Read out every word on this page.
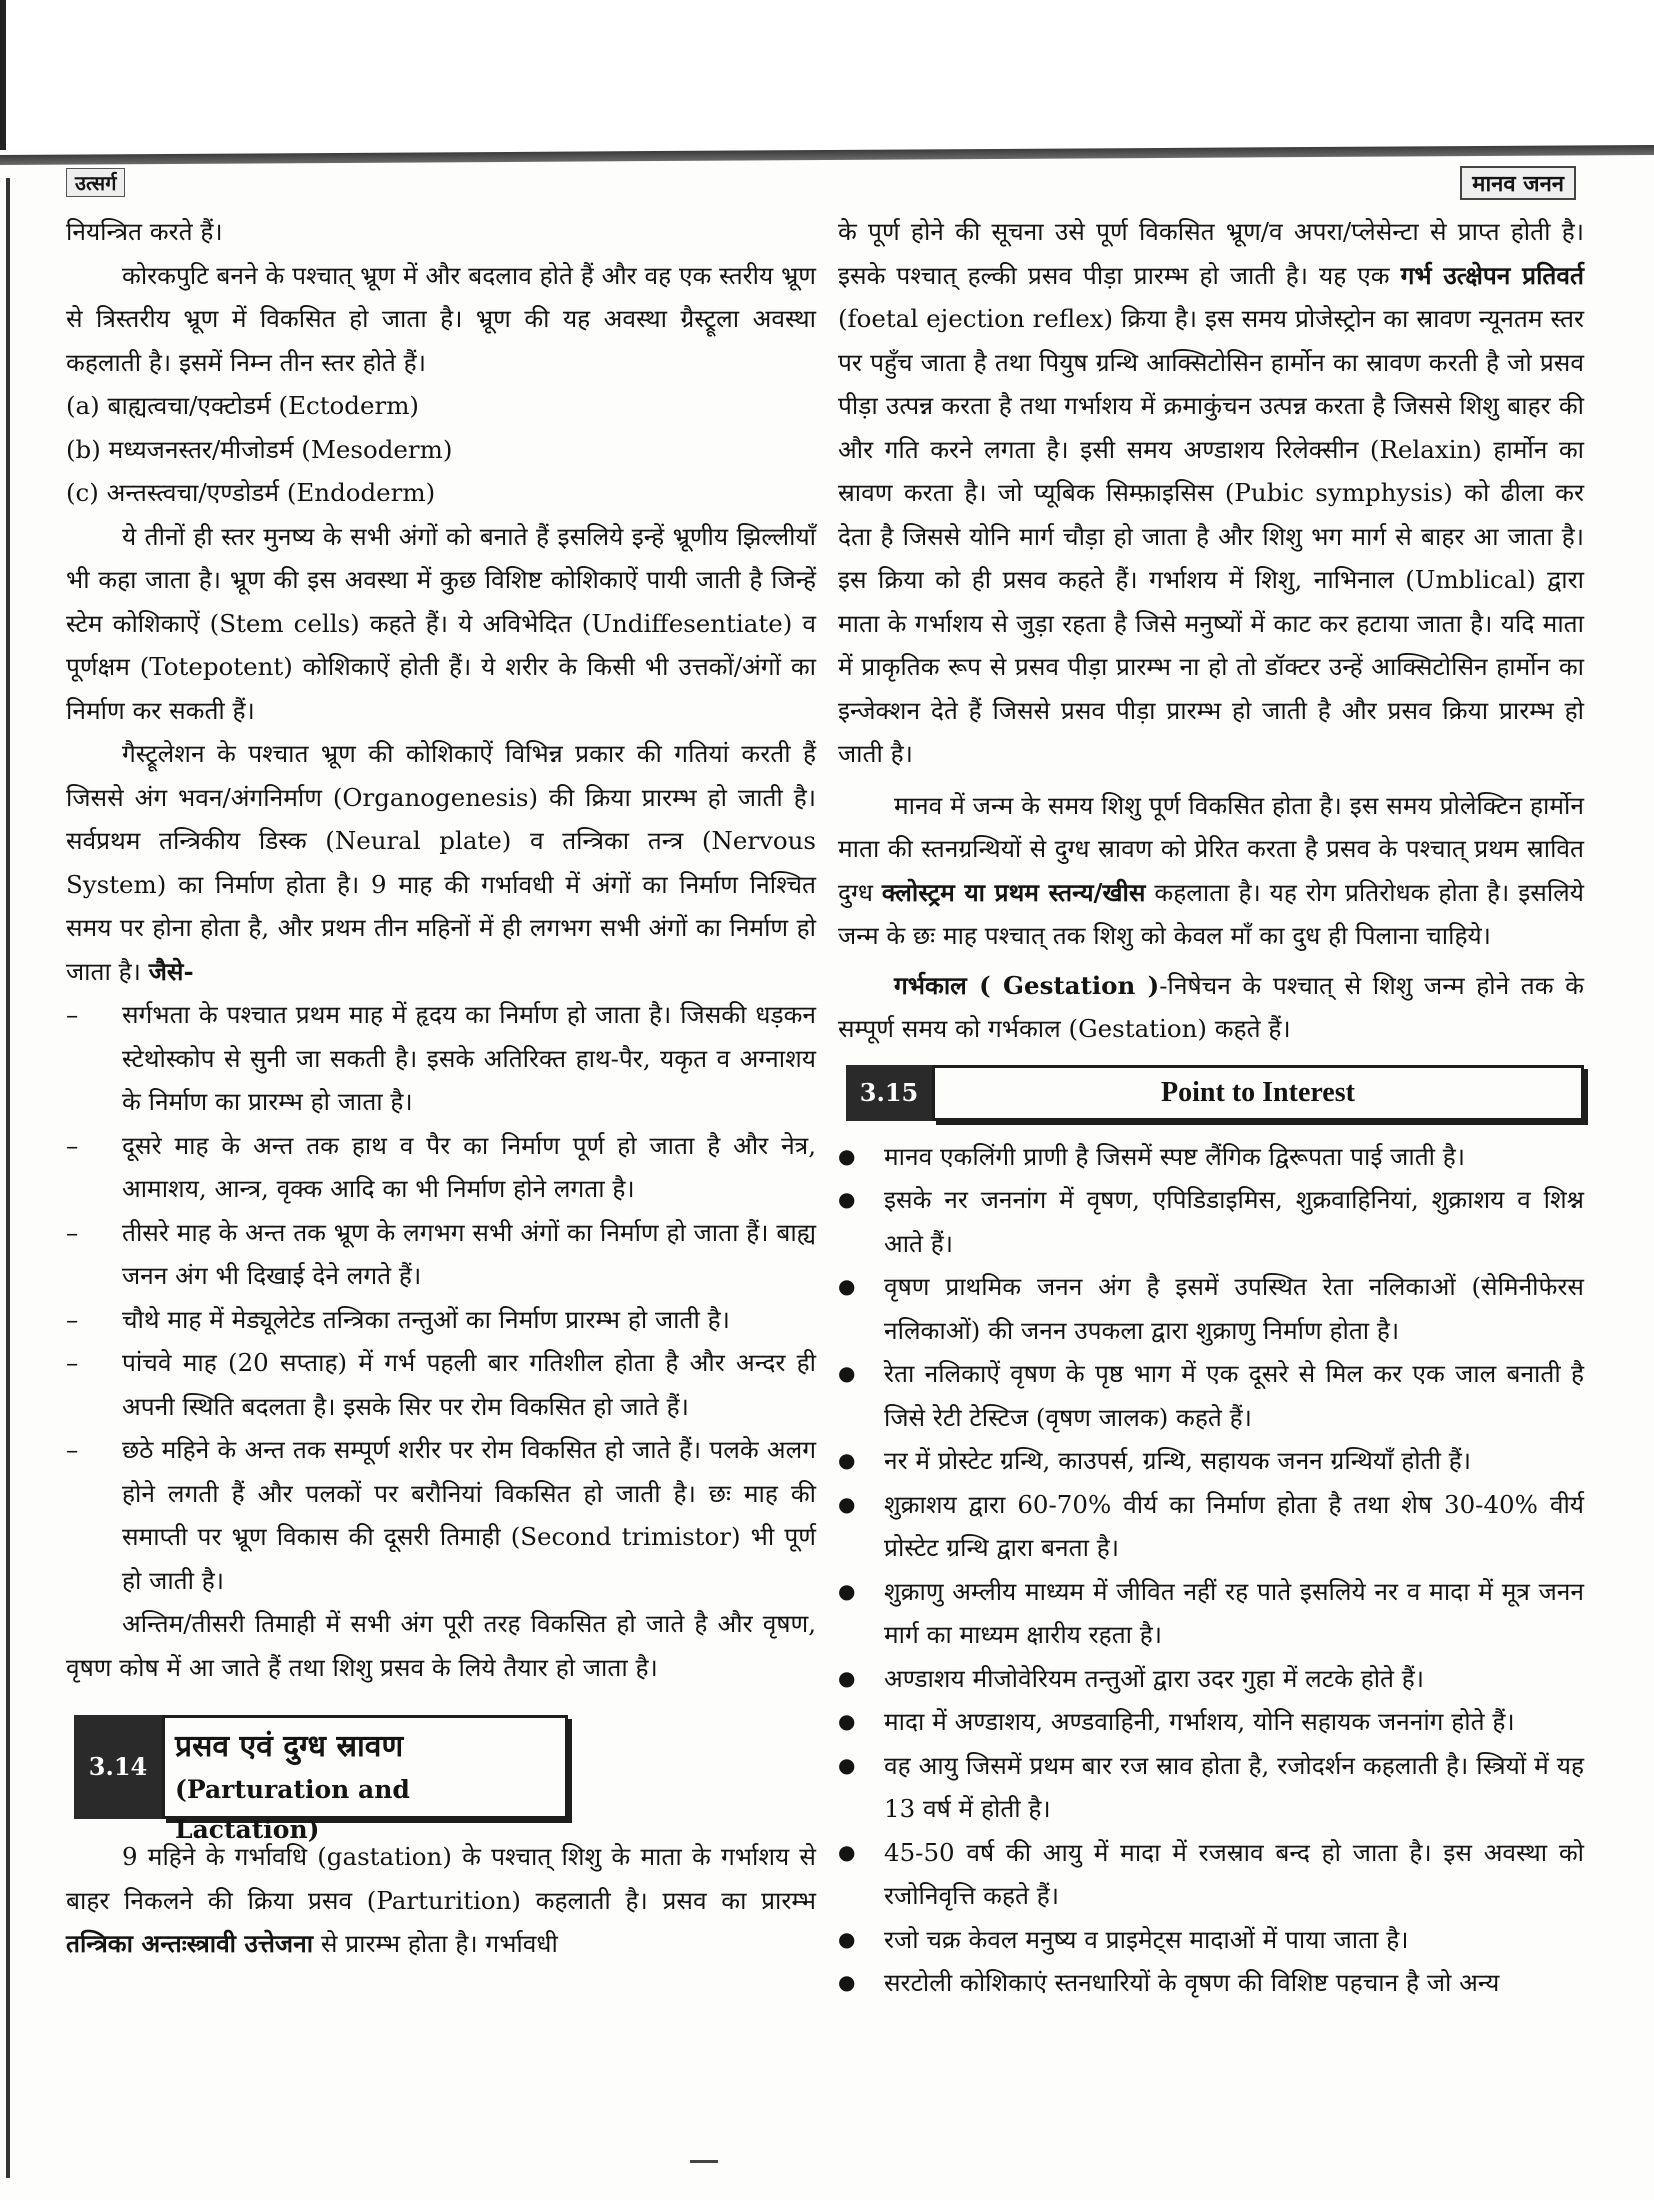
उत्सर्ग	मानव जनन

नियन्त्रित करते हैं।

कोरकपुटि बनने के पश्चात् भ्रूण में और बदलाव होते हैं और वह एक स्तरीय भ्रूण से त्रिस्तरीय भ्रूण में विकसित हो जाता है। भ्रूण की यह अवस्था ग्रैस्ट्रूला अवस्था कहलाती है। इसमें निम्न तीन स्तर होते हैं।

(a) बाह्यत्वचा/एक्टोडर्म (Ectoderm)

(b) मध्यजनस्तर/मीजोडर्म (Mesoderm)

(c) अन्तस्त्वचा/एण्डोडर्म (Endoderm)

ये तीनों ही स्तर मुनष्य के सभी अंगों को बनाते हैं इसलिये इन्हें भ्रूणीय झिल्लीयाँ भी कहा जाता है। भ्रूण की इस अवस्था में कुछ विशिष्ट कोशिकाऐं पायी जाती है जिन्हें स्टेम कोशिकाऐं (Stem cells) कहते हैं। ये अविभेदित (Undiffesentiate) व पूर्णक्षम (Totepotent) कोशिकाऐं होती हैं। ये शरीर के किसी भी उत्तकों/अंगों का निर्माण कर सकती हैं।

गैस्ट्रूलेशन के पश्चात भ्रूण की कोशिकाऐं विभिन्न प्रकार की गतियां करती हैं जिससे अंग भवन/अंगनिर्माण (Organogenesis) की क्रिया प्रारम्भ हो जाती है। सर्वप्रथम तन्त्रिकीय डिस्क (Neural plate) व तन्त्रिका तन्त्र (Nervous System) का निर्माण होता है। 9 माह की गर्भावधी में अंगों का निर्माण निश्चित समय पर होना होता है, और प्रथम तीन महिनों में ही लगभग सभी अंगों का निर्माण हो जाता है। जैसे-

–	सर्गभता के पश्चात प्रथम माह में हृदय का निर्माण हो जाता है। जिसकी धड़कन स्टेथोस्कोप से सुनी जा सकती है। इसके अतिरिक्त हाथ-पैर, यकृत व अग्नाशय के निर्माण का प्रारम्भ हो जाता है।
–	दूसरे माह के अन्त तक हाथ व पैर का निर्माण पूर्ण हो जाता है और नेत्र, आमाशय, आन्त्र, वृक्क आदि का भी निर्माण होने लगता है।
–	तीसरे माह के अन्त तक भ्रूण के लगभग सभी अंगों का निर्माण हो जाता हैं। बाह्य जनन अंग भी दिखाई देने लगते हैं।
–	चौथे माह में मेड्यूलेटेड तन्त्रिका तन्तुओं का निर्माण प्रारम्भ हो जाती है।
–	पांचवे माह (20 सप्ताह) में गर्भ पहली बार गतिशील होता है और अन्दर ही अपनी स्थिति बदलता है। इसके सिर पर रोम विकसित हो जाते हैं।
–	छठे महिने के अन्त तक सम्पूर्ण शरीर पर रोम विकसित हो जाते हैं। पलके अलग होने लगती हैं और पलकों पर बरौनियां विकसित हो जाती है। छः माह की समाप्ती पर भ्रूण विकास की दूसरी तिमाही (Second trimistor) भी पूर्ण हो जाती है।

अन्तिम/तीसरी तिमाही में सभी अंग पूरी तरह विकसित हो जाते है और वृषण, वृषण कोष में आ जाते हैं तथा शिशु प्रसव के लिये तैयार हो जाता है।

3.14
प्रसव एवं दुग्ध स्रावण
(Parturation and Lactation)

9 महिने के गर्भावधि (gastation) के पश्चात् शिशु के माता के गर्भाशय से बाहर निकलने की क्रिया प्रसव (Parturition) कहलाती है। प्रसव का प्रारम्भ तन्त्रिका अन्तःस्त्रावी उत्तेजना से प्रारम्भ होता है। गर्भावधी

के पूर्ण होने की सूचना उसे पूर्ण विकसित भ्रूण/व अपरा/प्लेसेन्टा से प्राप्त होती है। इसके पश्चात् हल्की प्रसव पीड़ा प्रारम्भ हो जाती है। यह एक गर्भ उत्क्षेपन प्रतिवर्त (foetal ejection reflex) क्रिया है। इस समय प्रोजेस्ट्रोन का स्रावण न्यूनतम स्तर पर पहुँच जाता है तथा पियुष ग्रन्थि आक्सिटोसिन हार्मोन का स्रावण करती है जो प्रसव पीड़ा उत्पन्न करता है तथा गर्भाशय में क्रमाकुंचन उत्पन्न करता है जिससे शिशु बाहर की और गति करने लगता है। इसी समय अण्डाशय रिलेक्सीन (Relaxin) हार्मोन का स्रावण करता है। जो प्यूबिक सिम्फ़ाइसिस (Pubic symphysis) को ढीला कर देता है जिससे योनि मार्ग चौड़ा हो जाता है और शिशु भग मार्ग से बाहर आ जाता है। इस क्रिया को ही प्रसव कहते हैं। गर्भाशय में शिशु, नाभिनाल (Umblical) द्वारा माता के गर्भाशय से जुड़ा रहता है जिसे मनुष्यों में काट कर हटाया जाता है। यदि माता में प्राकृतिक रूप से प्रसव पीड़ा प्रारम्भ ना हो तो डॉक्टर उन्हें आक्सिटोसिन हार्मोन का इन्जेक्शन देते हैं जिससे प्रसव पीड़ा प्रारम्भ हो जाती है और प्रसव क्रिया प्रारम्भ हो जाती है।

मानव में जन्म के समय शिशु पूर्ण विकसित होता है। इस समय प्रोलेक्टिन हार्मोन माता की स्तनग्रन्थियों से दुग्ध स्रावण को प्रेरित करता है प्रसव के पश्चात् प्रथम स्रावित दुग्ध क्लोस्ट्रम या प्रथम स्तन्य/खीस कहलाता है। यह रोग प्रतिरोधक होता है। इसलिये जन्म के छः माह पश्चात् तक शिशु को केवल माँ का दुध ही पिलाना चाहिये।

गर्भकाल ( Gestation )-निषेचन के पश्चात् से शिशु जन्म होने तक के सम्पूर्ण समय को गर्भकाल (Gestation) कहते हैं।

3.15	Point to Interest
●	मानव एकलिंगी प्राणी है जिसमें स्पष्ट लैंगिक द्विरूपता पाई जाती है।
●	इसके नर जननांग में वृषण, एपिडिडाइमिस, शुक्रवाहिनियां, शुक्राशय व शिश्न आते हैं।
●	वृषण प्राथमिक जनन अंग है इसमें उपस्थित रेता नलिकाओं (सेमिनीफेरस नलिकाओं) की जनन उपकला द्वारा शुक्राणु निर्माण होता है।
●	रेता नलिकाऐं वृषण के पृष्ठ भाग में एक दूसरे से मिल कर एक जाल बनाती है जिसे रेटी टेस्टिज (वृषण जालक) कहते हैं।
●	नर में प्रोस्टेट ग्रन्थि, काउपर्स, ग्रन्थि, सहायक जनन ग्रन्थियाँ होती हैं।
●	शुक्राशय द्वारा 60-70% वीर्य का निर्माण होता है तथा शेष 30-40% वीर्य प्रोस्टेट ग्रन्थि द्वारा बनता है।
●	शुक्राणु अम्लीय माध्यम में जीवित नहीं रह पाते इसलिये नर व मादा में मूत्र जनन मार्ग का माध्यम क्षारीय रहता है।
●	अण्डाशय मीजोवेरियम तन्तुओं द्वारा उदर गुहा में लटके होते हैं।
●	मादा में अण्डाशय, अण्डवाहिनी, गर्भाशय, योनि सहायक जननांग होते हैं।
●	वह आयु जिसमें प्रथम बार रज स्राव होता है, रजोदर्शन कहलाती है। स्त्रियों में यह 13 वर्ष में होती है।
●	45-50 वर्ष की आयु में मादा में रजस्राव बन्द हो जाता है। इस अवस्था को रजोनिवृत्ति कहते हैं।
●	रजो चक्र केवल मनुष्य व प्राइमेट्स मादाओं में पाया जाता है।
●	सरटोली कोशिकाएं स्तनधारियों के वृषण की विशिष्ट पहचान है जो अन्य
